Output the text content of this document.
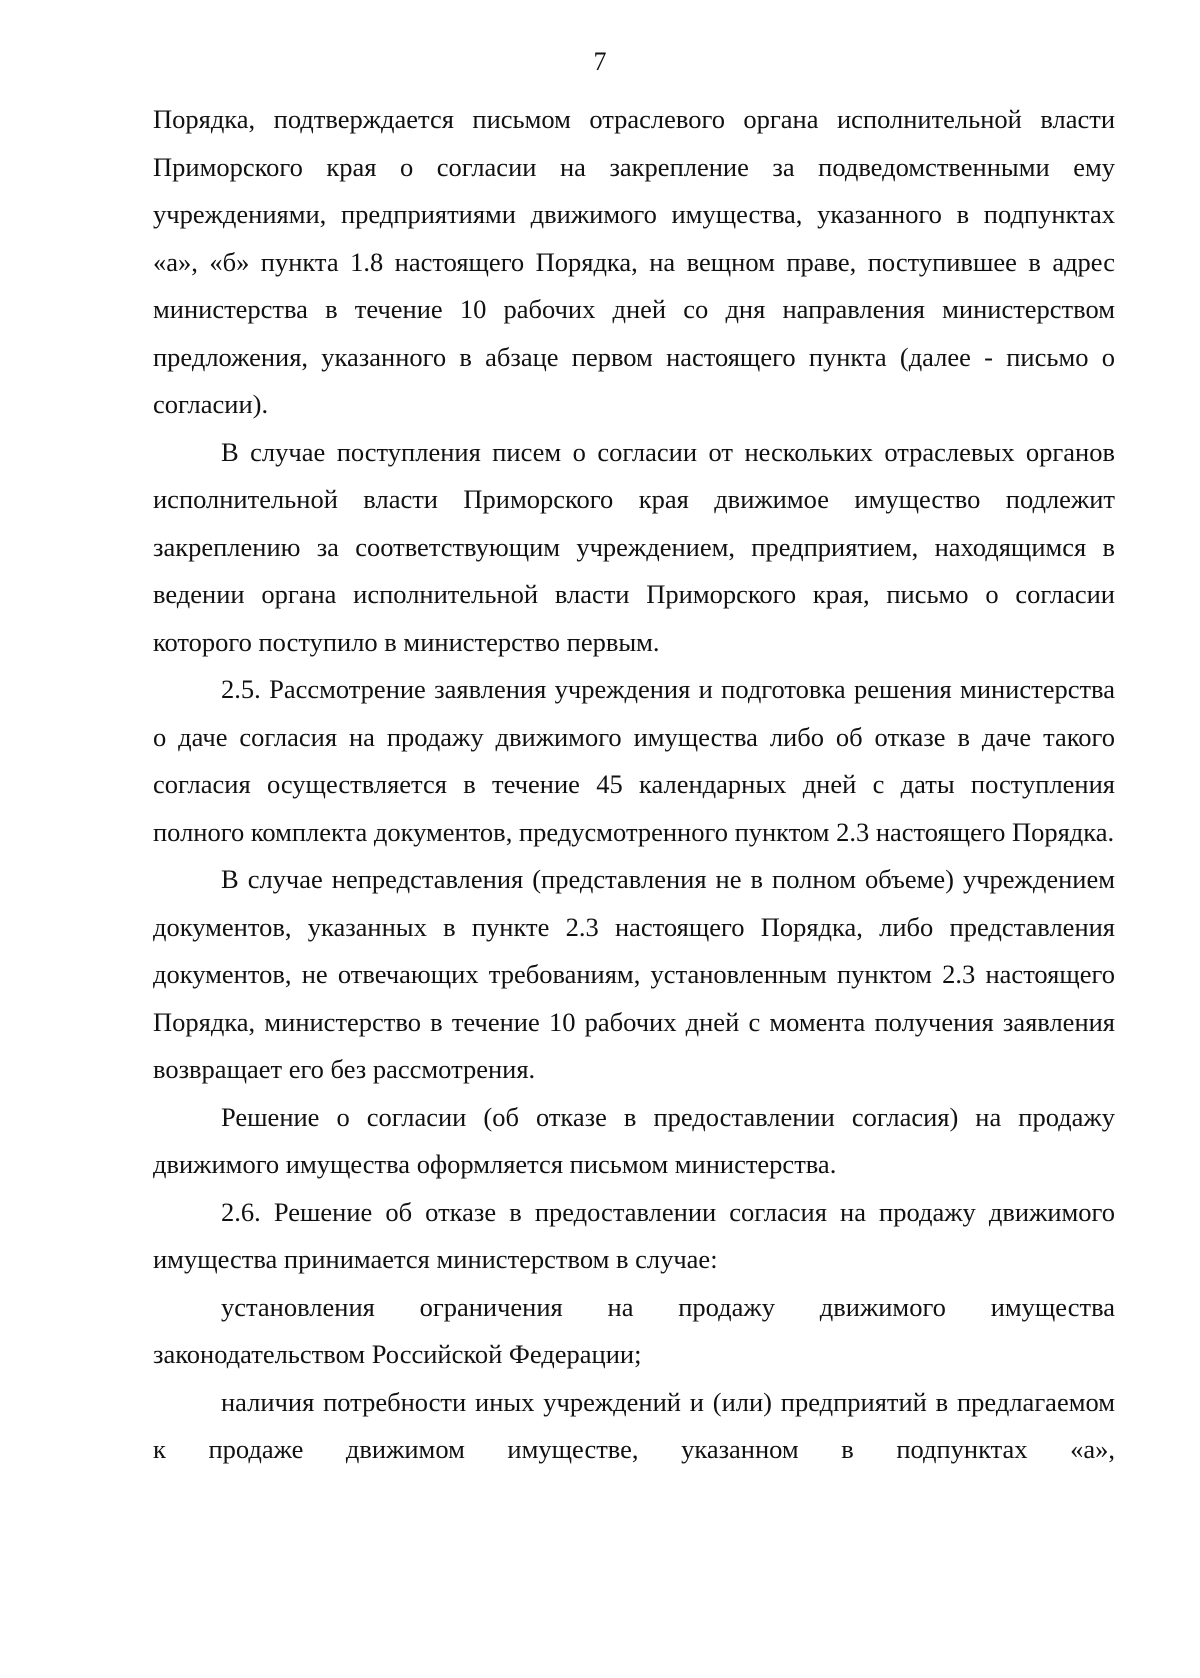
7

Порядка, подтверждается письмом отраслевого органа исполнительной власти Приморского края о согласии на закрепление за подведомственными ему учреждениями, предприятиями движимого имущества, указанного в подпунктах «а», «б» пункта 1.8 настоящего Порядка, на вещном праве, поступившее в адрес министерства в течение 10 рабочих дней со дня направления министерством предложения, указанного в абзаце первом настоящего пункта (далее - письмо о согласии).

В случае поступления писем о согласии от нескольких отраслевых органов исполнительной власти Приморского края движимое имущество подлежит закреплению за соответствующим учреждением, предприятием, находящимся в ведении органа исполнительной власти Приморского края, письмо о согласии которого поступило в министерство первым.

2.5. Рассмотрение заявления учреждения и подготовка решения министерства о даче согласия на продажу движимого имущества либо об отказе в даче такого согласия осуществляется в течение 45 календарных дней с даты поступления полного комплекта документов, предусмотренного пунктом 2.3 настоящего Порядка.

В случае непредставления (представления не в полном объеме) учреждением документов, указанных в пункте 2.3 настоящего Порядка, либо представления документов, не отвечающих требованиям, установленным пунктом 2.3 настоящего Порядка, министерство в течение 10 рабочих дней с момента получения заявления возвращает его без рассмотрения.

Решение о согласии (об отказе в предоставлении согласия) на продажу движимого имущества оформляется письмом министерства.

2.6. Решение об отказе в предоставлении согласия на продажу движимого имущества принимается министерством в случае:

установления ограничения на продажу движимого имущества законодательством Российской Федерации;

наличия потребности иных учреждений и (или) предприятий в предлагаемом к продаже движимом имуществе, указанном в подпунктах «а»,
